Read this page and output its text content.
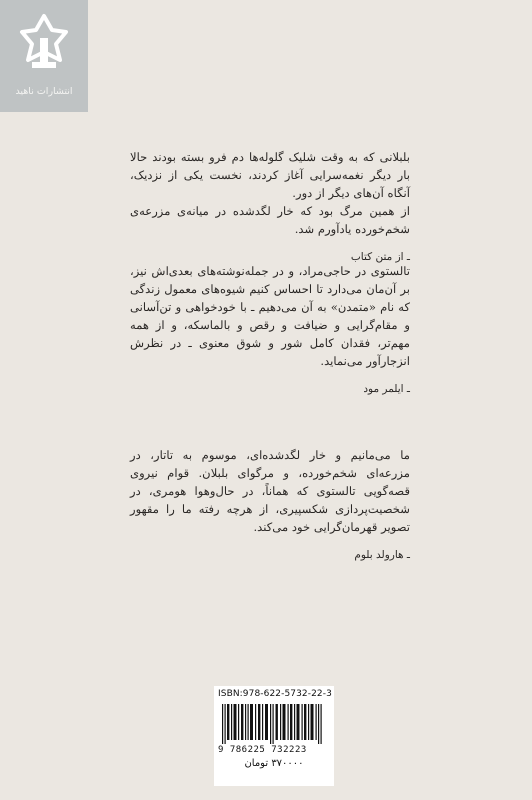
انتشارات ناهید

بلبلانی که به وقت شلیک گلوله‌ها دم فرو بسته بودند حالا بار دیگر نغمه‌سرایی آغاز کردند، نخست یکی از نزدیک، آنگاه آن‌های دیگر از دور.
از همین مرگ بود که خار لگدشده در میانه‌ی مزرعه‌ی شخم‌خورده یادآورم شد.

ـ از متن کتاب

تالستوی در حاجی‌مراد، و در جمله‌نوشته‌های بعدی‌اش نیز، بر آن‌مان می‌دارد تا احساس کنیم شیوه‌های معمول زندگی که نام «متمدن» به آن می‌دهیم ـ با خودخواهی و تن‌آسانی و مقام‌گرایی و ضیافت و رقص و بالماسکه، و از همه مهم‌تر، فقدان کامل شور و شوق معنوی ـ در نظرش انزجارآور می‌نماید.

ـ ایلمر مود

ما می‌مانیم و خار لگدشده‌ای، موسوم به تاتار، در مزرعه‌ای شخم‌خورده، و مرگوای بلبلان. قوام نیروی قصه‌گویی تالستوی که هماناً، در حال‌وهوا هومری، در شخصیت‌پردازی شکسپیری، از هرچه رفته ما را مقهور تصویر قهرمان‌گرایی خود می‌کند.

ـ هارولد بلوم

ISBN:978-622-5732-22-3
9 786225 732223
۳۷۰۰۰۰ تومان
